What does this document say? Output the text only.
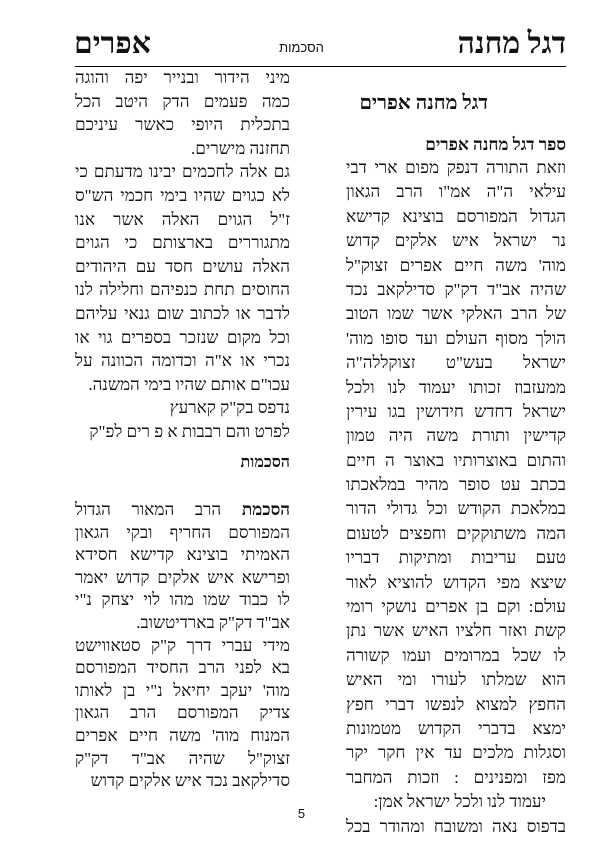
דגל מחנה
הסכמות
אפרים
דגל מחנה אפרים
ספר דגל מחנה אפרים
וזאת התורה דנפק מפום ארי דבי
עילאי ה"ה אמ"ו הרב הגאון
הגדול המפורסם בוצינא קדישא
נר ישראל איש אלקים קדוש
מוה' משה חיים אפרים זצוק"ל
שהיה אב"ד דק"ק סדילקאב נכד
של הרב האלקי אשר שמו הטוב
הולך מסוף העולם ועד סופו מוה'
ישראל בעש"ט זצוקללה"ה
ממעזבוז זכותו יעמוד לנו ולכל
ישראל דחדש חידושין בגו עירין
קדישין ותורת משה היה טמון
והתום באוצרותיו באוצר ה חיים
בכתב עט סופר מהיר במלאכתו
במלאכת הקודש וכל גדולי הדור
המה משתוקקים וחפצים לטעום
טעם עריבות ומתיקות דבריו
שיצא מפי הקדוש להוציא לאור
עולם: וקם בן אפרים נושקי רומי
קשת ואזר חלציו האיש אשר נתן
לו שכל במרומים ועמו קשורה
הוא שמלתו לעורו ומי האיש
החפץ למצוא לנפשו דברי חפץ
ימצא בדברי הקדוש מטמונות
וסגלות מלכים עד אין חקר יקר
מפז ומפנינים : וזכות המחבר
יעמוד לנו ולכל ישראל אמן:
בדפוס נאה ומשובח ומהודר בכל
מיני הידור ובנייר יפה והוגה
כמה פעמים הדק היטב הכל
בתכלית היופי כאשר עיניכם
תחזנה מישרים.
גם אלה לחכמים יבינו מדעתם כי
לא כגוים שהיו בימי חכמי הש"ס
ז"ל הגוים האלה אשר אנו
מתגוררים בארצותם כי הגוים
האלה עושים חסד עם היהודים
החוסים תחת כנפיהם וחלילה לנו
לדבר או לכתוב שום גנאי עליהם
וכל מקום שנזכר בספרים גוי או
נכרי או א"ה וכדומה הכוונה על
עכו"ם אותם שהיו בימי המשנה.
נדפס בק"ק קארעץ
לפרט והם רבבות א פ רים לפ"ק
הסכמות
הסכמת הרב המאור הגדול
המפורסם החריף ובקי הגאון
האמיתי בוצינא קדישא חסידא
ופרישא איש אלקים קדוש יאמר
לו כבוד שמו מהו לוי יצחק נ"י
אב"ד דק"ק בארדיטשוב.
מידי עברי דרך ק"ק סטאווישט
בא לפני הרב החסיד המפורסם
מוה' יעקב יחיאל נ"י בן לאותו
צדיק המפורסם הרב הגאון
המנוח מוה' משה חיים אפרים
זצוק"ל שהיה אב"ד דק"ק
סדילקאב נכד איש אלקים קדוש
5
